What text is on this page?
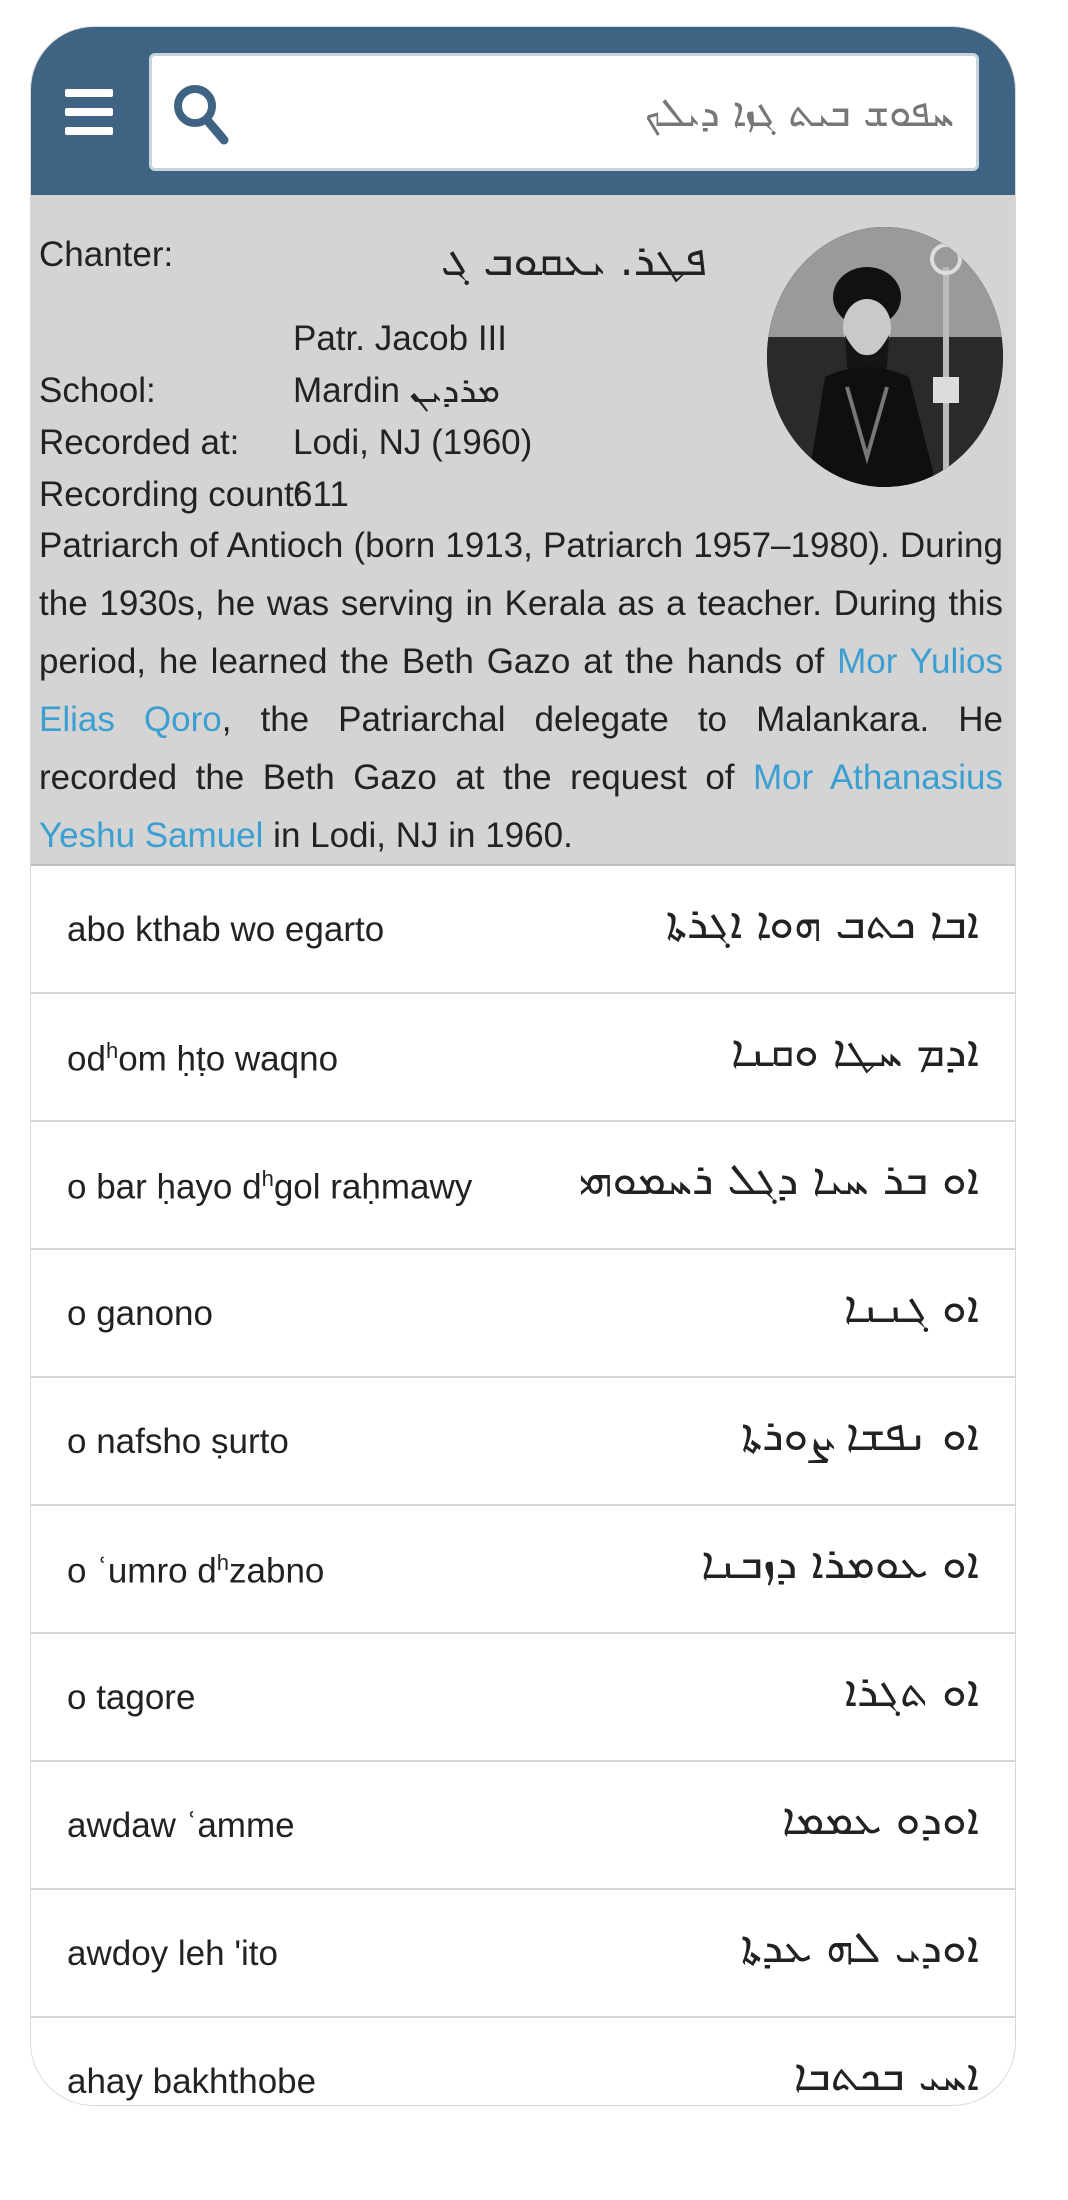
ܚܦܘܫ ܒܝܬ ܓܙܐ ܕܝܠܟ
Chanter:	ܦܛܪ. ܝܥܩܘܒ ܓ
Patr. Jacob III
School:	Mardin ܡܪܕܝܢ
Recorded at: Lodi, NJ (1960)
Recording count:
611
Patriarch of Antioch (born 1913, Patriarch 1957–1980). During the 1930s, he was serving in Kerala as a teacher. During this period, he learned the Beth Gazo at the hands of Mor Yulios Elias Qoro, the Patriarchal delegate to Malankara. He recorded the Beth Gazo at the request of Mor Athanasius Yeshu Samuel in Lodi, NJ in 1960.
abo kthab wo egarto	ܐܒܐ ܟܬܒ ܗܘܐ ܐܓܪܬܐ
$od^hom$ ḥṭo waqno	ܐܕܡ ܚܛܐ ܘܩܢܐ
o bar ḥayo $d^hgol$ raḥmawy ܐܘ ܒܪ ܚܝܐ ܕܓܠ ܪܚܡܘܗܝ
o ganono	ܐܘ ܓܢܢܐ
o nafsho ṣurto	ܐܘ ܢܦܫܐ ܨܘܪܬܐ
o ʿumro $d^hzabno$	ܐܘ ܥܘܡܪܐ ܕܙܒܢܐ
o tagore	ܐܘ ܬܓܪܐ
awdaw ʿamme	ܐܘܕܘ ܥܡܡܐ
awdoy leh 'ito	ܐܘܕܝ ܠܗ ܥܕܬܐ
ahay bakhthobe	ܐܚܝ ܒܟܬܒܐ
